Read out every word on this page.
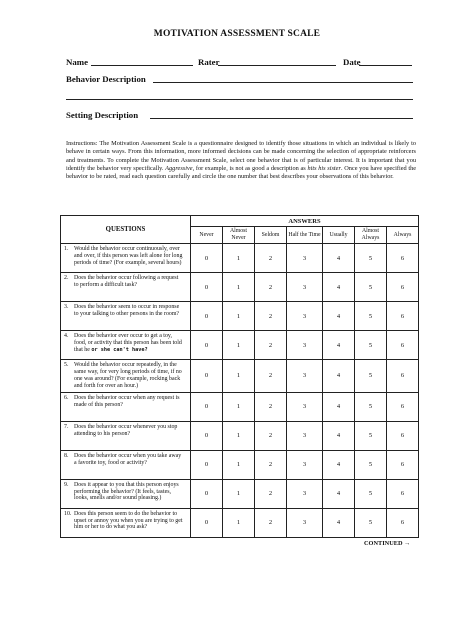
MOTIVATION ASSESSMENT SCALE
Name	Rater	Date
Behavior Description
Setting Description
Instructions: The Motivation Assessment Scale is a questionnaire designed to identify those situations in which an individual is likely to behave in certain ways. From this information, more informed decisions can be made concerning the selection of appropriate reinforcers and treatments. To complete the Motivation Assessment Scale, select one behavior that is of particular interest. It is important that you identify the behavior very specifically. Aggressive, for example, is not as good a description as hits his sister. Once you have specified the behavior to be rated, read each question carefully and circle the one number that best describes your observations of this behavior.
QUESTIONS	ANSWERS						
	Never	Almost Never	Seldom	Half the Time	Usually	Almost Always	Always
1. Would the behavior occur continuously, over and over, if this person was left alone for long periods of time? (For example, several hours)	0	1	2	3	4	5	6
2. Does the behavior occur following a request to perform a difficult task?	0	1	2	3	4	5	6
3. Does the behavior seem to occur in response to your talking to other persons in the room?	0	1	2	3	4	5	6
4. Does the behavior ever occur to get a toy, food, or activity that this person has been told that he or she can't have?	0	1	2	3	4	5	6
5. Would the behavior occur repeatedly, in the same way, for very long periods of time, if no one was around? (For example, rocking back and forth for over an hour.)	0	1	2	3	4	5	6
6. Does the behavior occur when any request is made of this person?	0	1	2	3	4	5	6
7. Does the behavior occur whenever you stop attending to his person?	0	1	2	3	4	5	6
8. Does the behavior occur when you take away a favorite toy, food or activity?	0	1	2	3	4	5	6
9. Does it appear to you that this person enjoys performing the behavior? (It feels, tastes, looks, smells and/or sound pleasing.)	0	1	2	3	4	5	6
10. Does this person seem to do the behavior to upset or annoy you when you are trying to get him or her to do what you ask?	0	1	2	3	4	5	6
CONTINUED →
